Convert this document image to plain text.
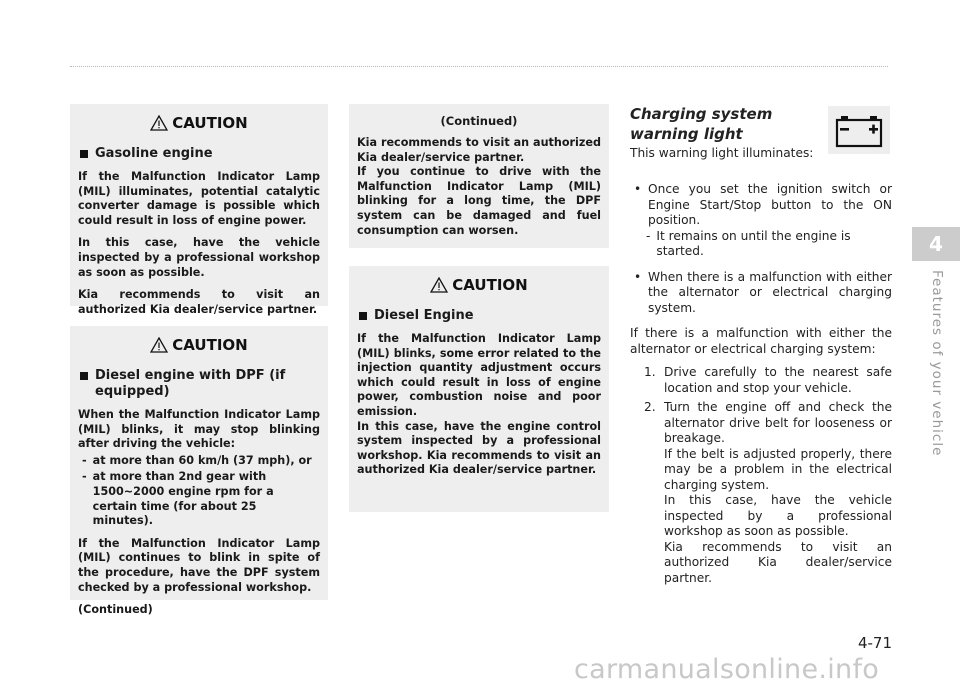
CAUTION
Gasoline engine

If the Malfunction Indicator Lamp (MIL) illuminates, potential catalytic converter damage is possible which could result in loss of engine power.

In this case, have the vehicle inspected by a professional workshop as soon as possible.

Kia recommends to visit an authorized Kia dealer/service partner.

CAUTION
Diesel engine with DPF (if equipped)

When the Malfunction Indicator Lamp (MIL) blinks, it may stop blinking after driving the vehicle:

- at more than 60 km/h (37 mph), or
- at more than 2nd gear with 1500~2000 engine rpm for a certain time (for about 25 minutes).

If the Malfunction Indicator Lamp (MIL) continues to blink in spite of the procedure, have the DPF system checked by a professional workshop.

(Continued)

(Continued)

Kia recommends to visit an authorized Kia dealer/service partner.

If you continue to drive with the Malfunction Indicator Lamp (MIL) blinking for a long time, the DPF system can be damaged and fuel consumption can worsen.

CAUTION
Diesel Engine

If the Malfunction Indicator Lamp (MIL) blinks, some error related to the injection quantity adjustment occurs which could result in loss of engine power, combustion noise and poor emission.

In this case, have the engine control system inspected by a professional workshop. Kia recommends to visit an authorized Kia dealer/service partner.

Charging system warning light
This warning light illuminates:
• Once you set the ignition switch or Engine Start/Stop button to the ON position.
- It remains on until the engine is started.
• When there is a malfunction with either the alternator or electrical charging system.
If there is a malfunction with either the alternator or electrical charging system:
1. Drive carefully to the nearest safe location and stop your vehicle.
2. Turn the engine off and check the alternator drive belt for looseness or breakage.
If the belt is adjusted properly, there may be a problem in the electrical charging system.
In this case, have the vehicle inspected by a professional workshop as soon as possible.
Kia recommends to visit an authorized Kia dealer/service partner.
4
Features of your vehicle
4-71
carmanualsonline.info
